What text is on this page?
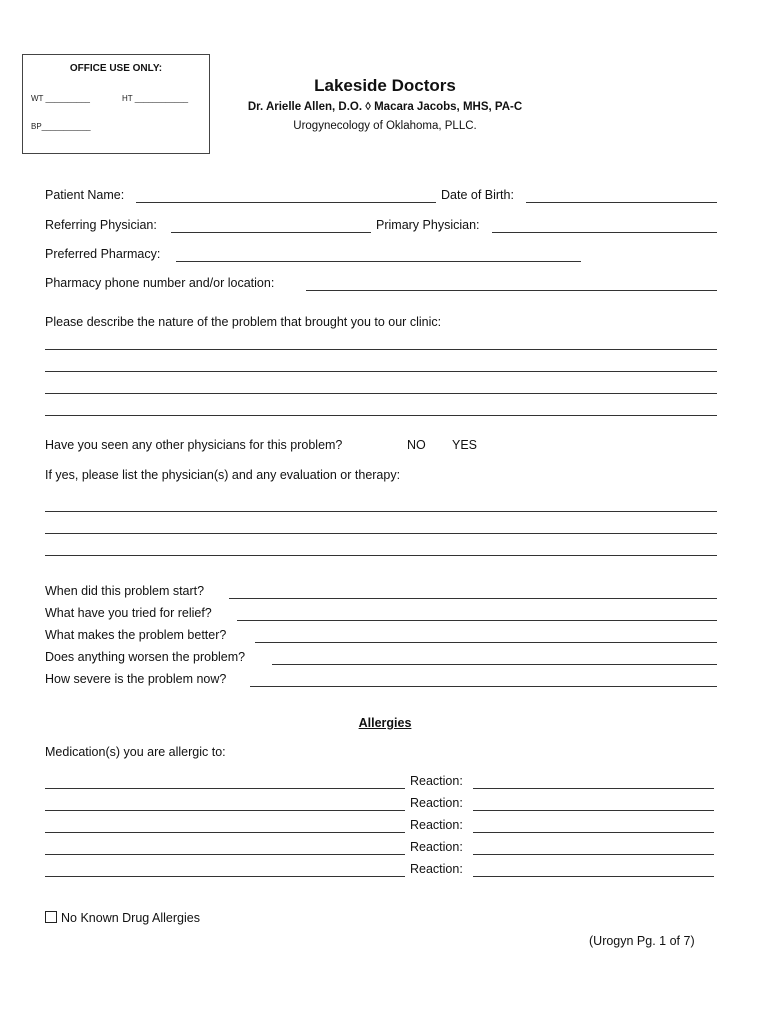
OFFICE USE ONLY:
WT __________	HT ____________
BP___________
Lakeside Doctors
Dr. Arielle Allen, D.O. ◊ Macara Jacobs, MHS, PA-C
Urogynecology of Oklahoma, PLLC.
Patient Name:	Date of Birth:
Referring Physician:	Primary Physician:
Preferred Pharmacy:
Pharmacy phone number and/or location:
Please describe the nature of the problem that brought you to our clinic:
Have you seen any other physicians for this problem?	NO YES
If yes, please list the physician(s) and any evaluation or therapy:
When did this problem start?
What have you tried for relief?
What makes the problem better?
Does anything worsen the problem?
How severe is the problem now?
Allergies
Medication(s) you are allergic to:
Reaction:
Reaction:
Reaction:
Reaction:
Reaction:
No Known Drug Allergies
(Urogyn Pg. 1 of 7)
